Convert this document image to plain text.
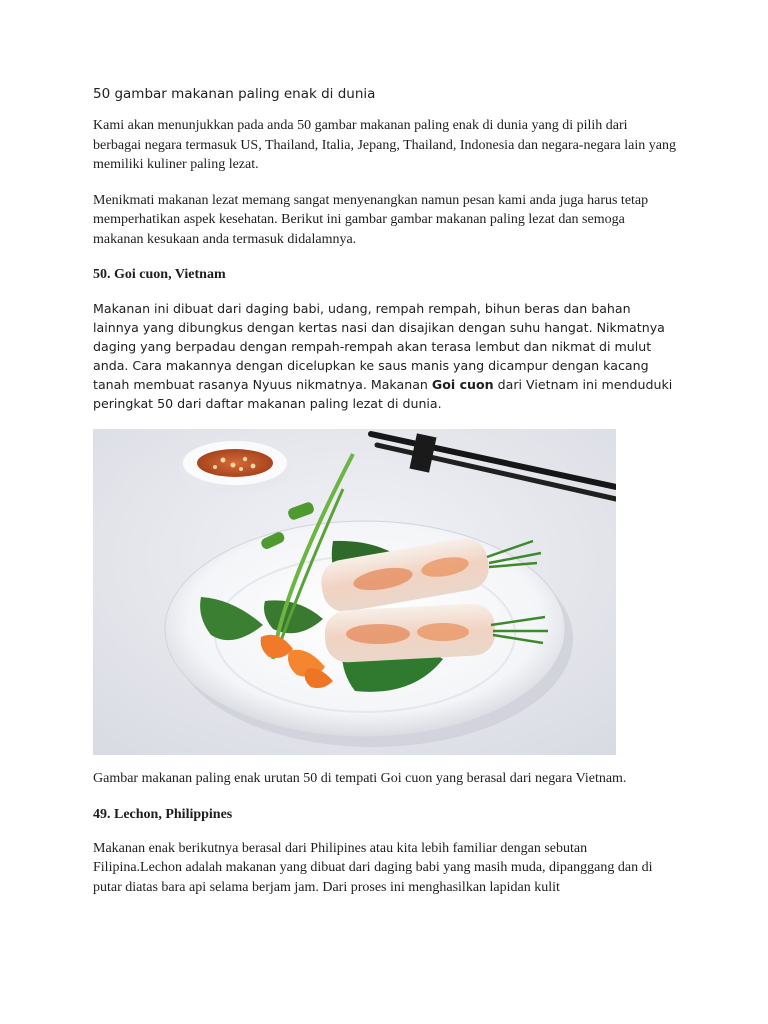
50 gambar makanan paling enak di dunia

Kami akan menunjukkan pada anda 50 gambar makanan paling enak di dunia yang di pilih dari berbagai negara termasuk US, Thailand, Italia, Jepang, Thailand, Indonesia dan negara-negara lain yang memiliki kuliner paling lezat.

Menikmati makanan lezat memang sangat menyenangkan namun pesan kami anda juga harus tetap memperhatikan aspek kesehatan. Berikut ini gambar gambar makanan paling lezat dan semoga makanan kesukaan anda termasuk didalamnya.

50. Goi cuon, Vietnam

Makanan ini dibuat dari daging babi, udang, rempah rempah, bihun beras dan bahan lainnya yang dibungkus dengan kertas nasi dan disajikan dengan suhu hangat. Nikmatnya daging yang berpadau dengan rempah-rempah akan terasa lembut dan nikmat di mulut anda. Cara makannya dengan dicelupkan ke saus manis yang dicampur dengan kacang tanah membuat rasanya Nyuus nikmatnya. Makanan Goi cuon dari Vietnam ini menduduki peringkat 50 dari daftar makanan paling lezat di dunia.

Gambar makanan paling enak urutan 50 di tempati Goi cuon yang berasal dari negara Vietnam.

49. Lechon, Philippines

Makanan enak berikutnya berasal dari Philipines atau kita lebih familiar dengan sebutan Filipina.Lechon adalah makanan yang dibuat dari daging babi yang masih muda, dipanggang dan di putar diatas bara api selama berjam jam. Dari proses ini menghasilkan lapidan kulit
